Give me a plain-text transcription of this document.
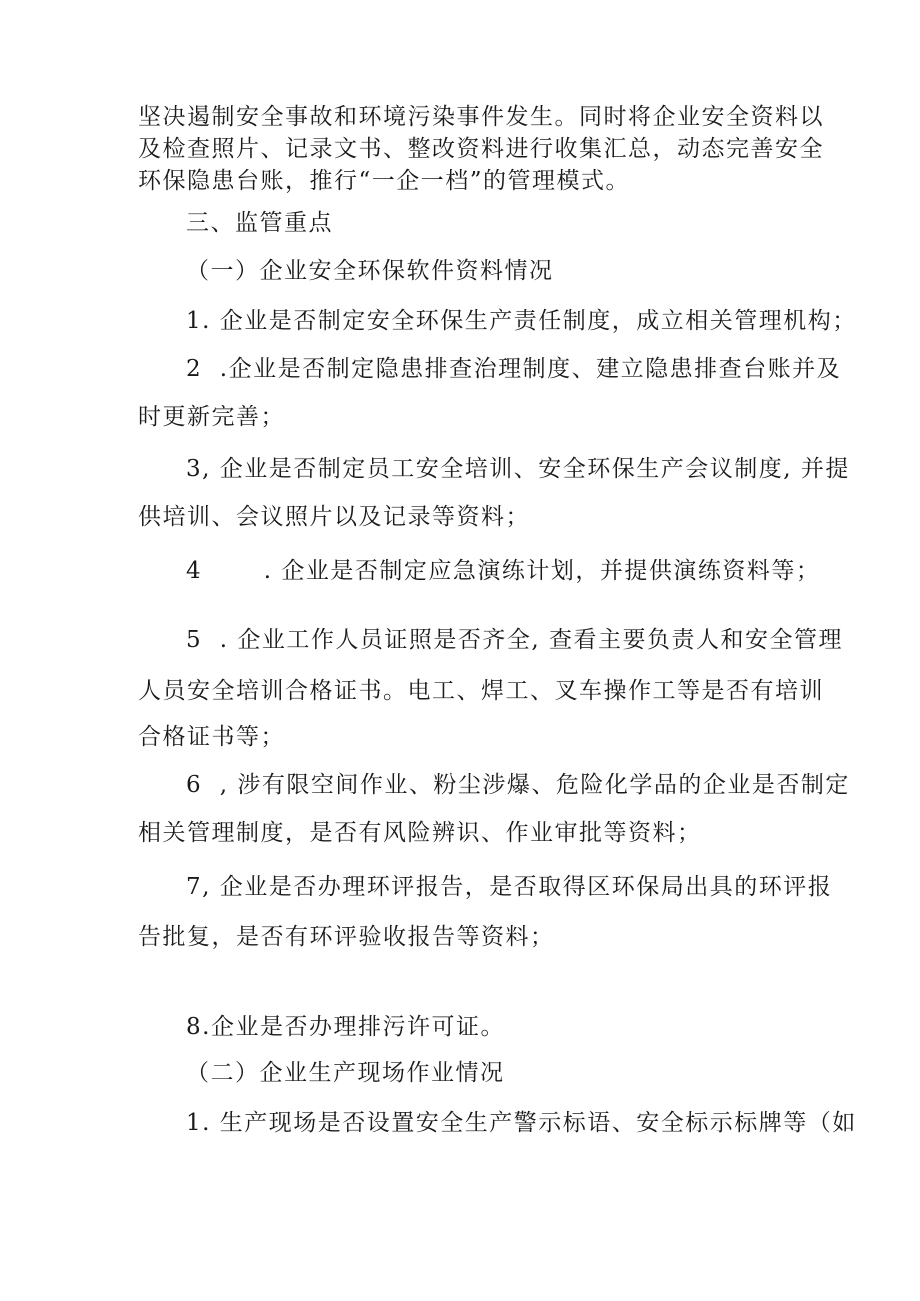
坚决遏制安全事故和环境污染事件发生。同时将企业安全资料以
及检查照片、记录文书、整改资料进行收集汇总，动态完善安全
环保隐患台账，推行“一企一档”的管理模式。
三、监管重点
（一）企业安全环保软件资料情况
1. 企业是否制定安全环保生产责任制度，成立相关管理机构；
2  .企业是否制定隐患排查治理制度、建立隐患排查台账并及
时更新完善；
3, 企业是否制定员工安全培训、安全环保生产会议制度, 并提
供培训、会议照片以及记录等资料；
4       . 企业是否制定应急演练计划，并提供演练资料等；
5  . 企业工作人员证照是否齐全, 查看主要负责人和安全管理
人员安全培训合格证书。电工、焊工、叉车操作工等是否有培训
合格证书等；
6  , 涉有限空间作业、粉尘涉爆、危险化学品的企业是否制定
相关管理制度，是否有风险辨识、作业审批等资料；
7, 企业是否办理环评报告，是否取得区环保局出具的环评报
告批复，是否有环评验收报告等资料；
8.企业是否办理排污许可证。
（二）企业生产现场作业情况
1. 生产现场是否设置安全生产警示标语、安全标示标牌等（如
